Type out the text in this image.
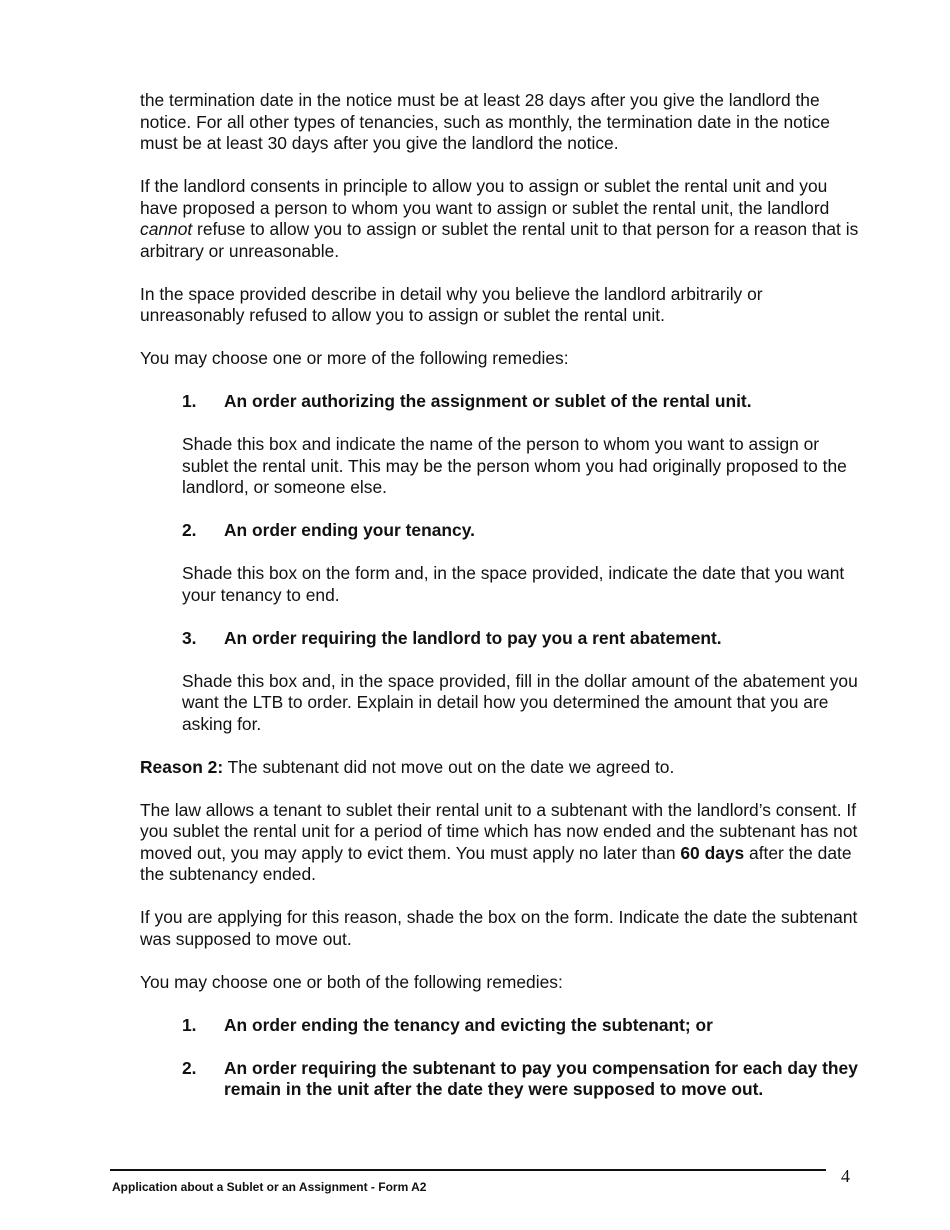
the termination date in the notice must be at least 28 days after you give the landlord the notice. For all other types of tenancies, such as monthly, the termination date in the notice must be at least 30 days after you give the landlord the notice.

If the landlord consents in principle to allow you to assign or sublet the rental unit and you have proposed a person to whom you want to assign or sublet the rental unit, the landlord cannot refuse to allow you to assign or sublet the rental unit to that person for a reason that is arbitrary or unreasonable.

In the space provided describe in detail why you believe the landlord arbitrarily or unreasonably refused to allow you to assign or sublet the rental unit.

You may choose one or more of the following remedies:

1.	An order authorizing the assignment or sublet of the rental unit.

Shade this box and indicate the name of the person to whom you want to assign or sublet the rental unit. This may be the person whom you had originally proposed to the landlord, or someone else.

2.	An order ending your tenancy.

Shade this box on the form and, in the space provided, indicate the date that you want your tenancy to end.

3.	An order requiring the landlord to pay you a rent abatement.

Shade this box and, in the space provided, fill in the dollar amount of the abatement you want the LTB to order. Explain in detail how you determined the amount that you are asking for.

Reason 2: The subtenant did not move out on the date we agreed to.

The law allows a tenant to sublet their rental unit to a subtenant with the landlord’s consent. If you sublet the rental unit for a period of time which has now ended and the subtenant has not moved out, you may apply to evict them. You must apply no later than 60 days after the date the subtenancy ended.

If you are applying for this reason, shade the box on the form. Indicate the date the subtenant was supposed to move out.

You may choose one or both of the following remedies:

1.	An order ending the tenancy and evicting the subtenant; or
2.	An order requiring the subtenant to pay you compensation for each day they remain in the unit after the date they were supposed to move out.
Application about a Sublet or an Assignment - Form A2
4
